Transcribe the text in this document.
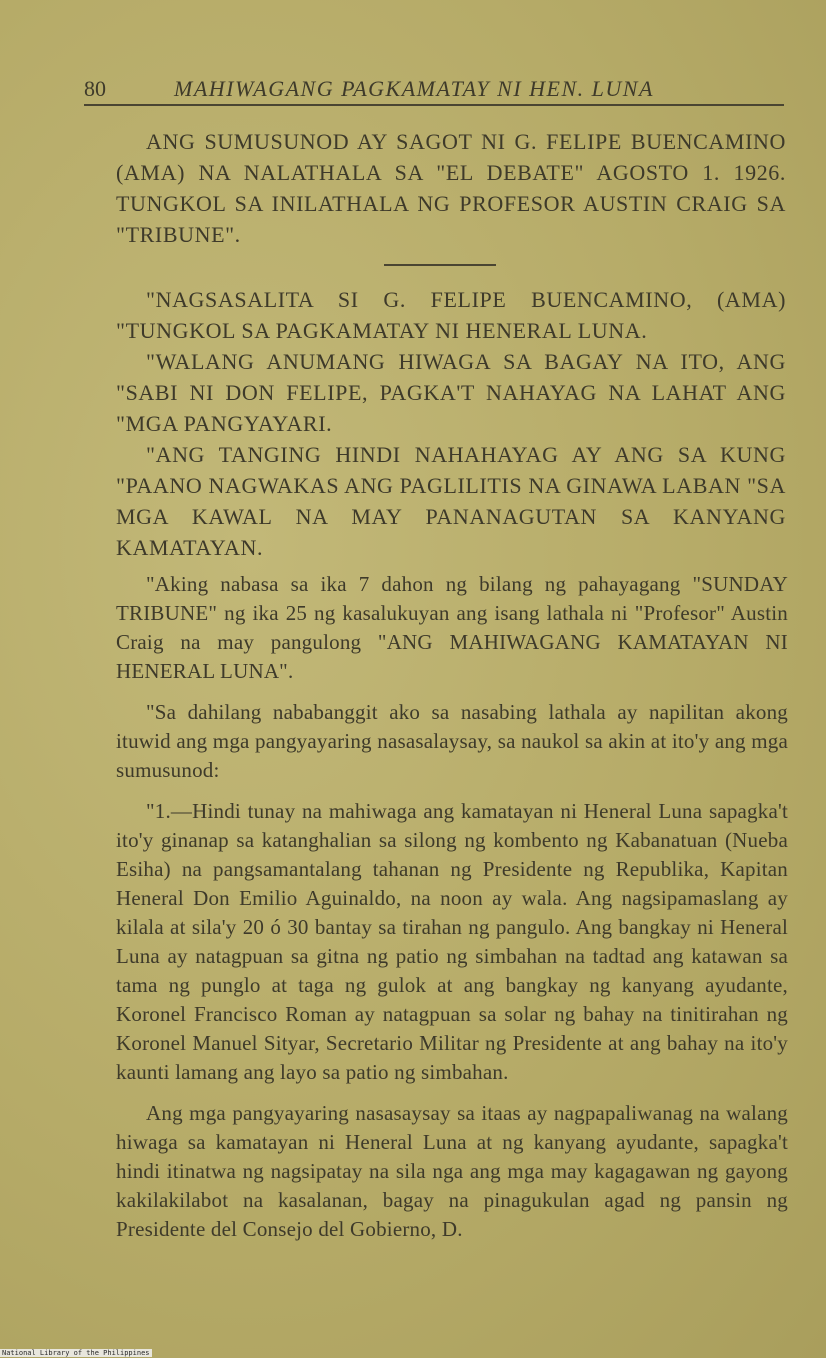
80	MAHIWAGANG PAGKAMATAY NI HEN. LUNA

ANG SUMUSUNOD AY SAGOT NI G. FELIPE BUENCAMINO (AMA) NA NALATHALA SA "EL DEBATE" AGOSTO 1. 1926. TUNGKOL SA INILATHALA NG PROFESOR AUSTIN CRAIG SA "TRIBUNE".

"NAGSASALITA SI G. FELIPE BUENCAMINO, (AMA) "TUNGKOL SA PAGKAMATAY NI HENERAL LUNA.

"WALANG ANUMANG HIWAGA SA BAGAY NA ITO, ANG "SABI NI DON FELIPE, PAGKA'T NAHAYAG NA LAHAT ANG "MGA PANGYAYARI.

"ANG TANGING HINDI NAHAHAYAG AY ANG SA KUNG "PAANO NAGWAKAS ANG PAGLILITIS NA GINAWA LABAN "SA MGA KAWAL NA MAY PANANAGUTAN SA KANYANG KAMATAYAN.

"Aking nabasa sa ika 7 dahon ng bilang ng pahayagang "SUNDAY TRIBUNE" ng ika 25 ng kasalukuyan ang isang lathala ni "Profesor" Austin Craig na may pangulong "ANG MAHIWAGANG KAMATAYAN NI HENERAL LUNA".

"Sa dahilang nababanggit ako sa nasabing lathala ay napilitan akong ituwid ang mga pangyayaring nasasalaysay, sa naukol sa akin at ito'y ang mga sumusunod:

"1.—Hindi tunay na mahiwaga ang kamatayan ni Heneral Luna sapagka't ito'y ginanap sa katanghalian sa silong ng kombento ng Kabanatuan (Nueba Esiha) na pangsamantalang tahanan ng Presidente ng Republika, Kapitan Heneral Don Emilio Aguinaldo, na noon ay wala. Ang nagsipamaslang ay kilala at sila'y 20 ó 30 bantay sa tirahan ng pangulo. Ang bangkay ni Heneral Luna ay natagpuan sa gitna ng patio ng simbahan na tadtad ang katawan sa tama ng punglo at taga ng gulok at ang bangkay ng kanyang ayudante, Koronel Francisco Roman ay natagpuan sa solar ng bahay na tinitirahan ng Koronel Manuel Sityar, Secretario Militar ng Presidente at ang bahay na ito'y kaunti lamang ang layo sa patio ng simbahan.

Ang mga pangyayaring nasasaysay sa itaas ay nagpapaliwanag na walang hiwaga sa kamatayan ni Heneral Luna at ng kanyang ayudante, sapagka't hindi itinatwa ng nagsipatay na sila nga ang mga may kagagawan ng gayong kakilakilabot na kasalanan, bagay na pinagukulan agad ng pansin ng Presidente del Consejo del Gobierno, D.

National Library of the Philippines
